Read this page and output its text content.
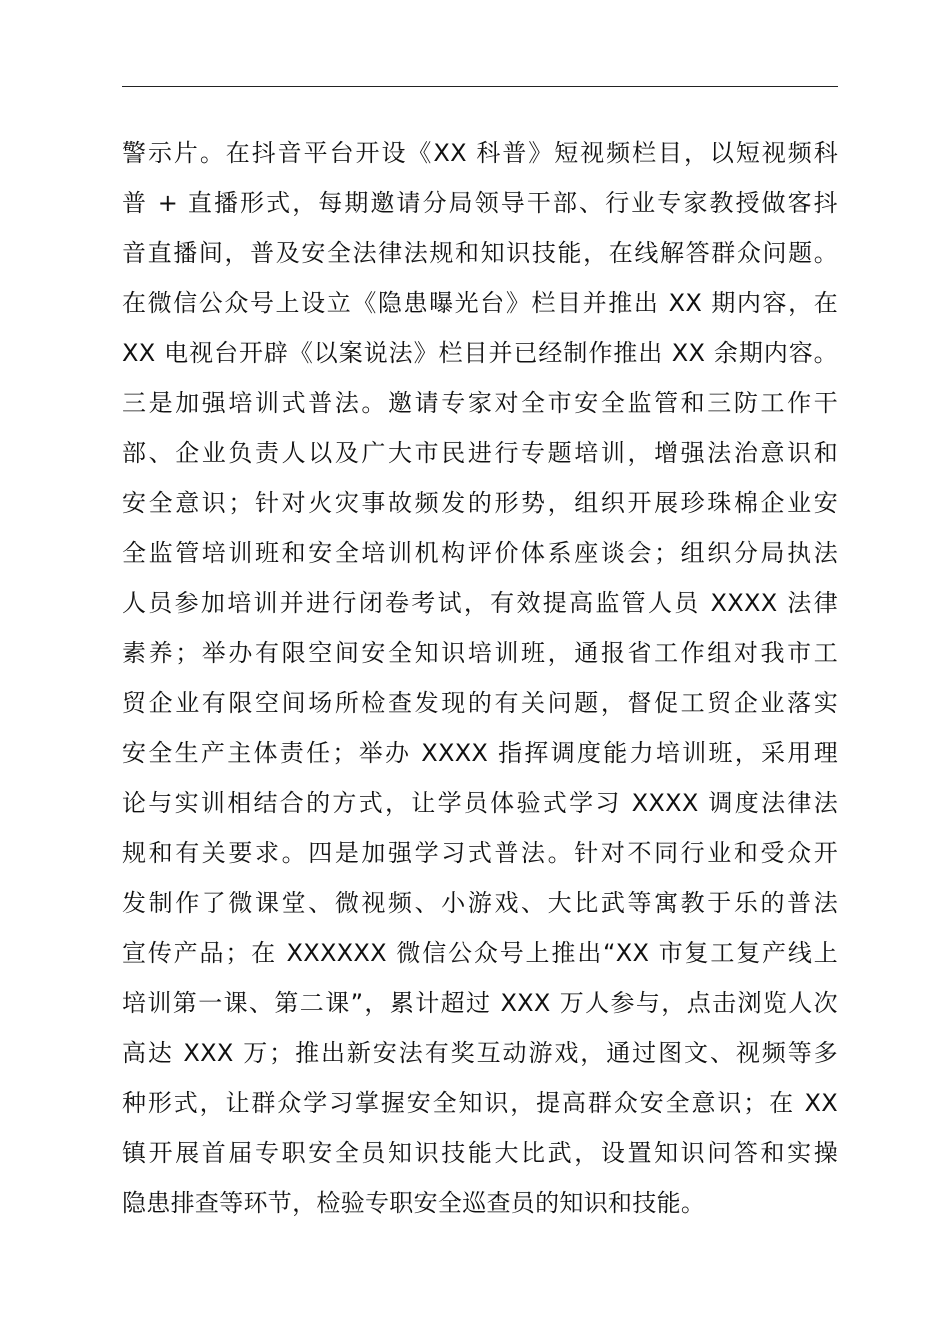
警示片。在抖音平台开设《XX 科普》短视频栏目，以短视频科
普 + 直播形式，每期邀请分局领导干部、行业专家教授做客抖
音直播间，普及安全法律法规和知识技能，在线解答群众问题。
在微信公众号上设立《隐患曝光台》栏目并推出 XX 期内容，在
XX 电视台开辟《以案说法》栏目并已经制作推出 XX 余期内容。
三是加强培训式普法。邀请专家对全市安全监管和三防工作干
部、企业负责人以及广大市民进行专题培训，增强法治意识和
安全意识；针对火灾事故频发的形势，组织开展珍珠棉企业安
全监管培训班和安全培训机构评价体系座谈会；组织分局执法
人员参加培训并进行闭卷考试，有效提高监管人员 XXXX 法律
素养；举办有限空间安全知识培训班，通报省工作组对我市工
贸企业有限空间场所检查发现的有关问题，督促工贸企业落实
安全生产主体责任；举办 XXXX 指挥调度能力培训班，采用理
论与实训相结合的方式，让学员体验式学习 XXXX 调度法律法
规和有关要求。四是加强学习式普法。针对不同行业和受众开
发制作了微课堂、微视频、小游戏、大比武等寓教于乐的普法
宣传产品；在 XXXXXX 微信公众号上推出“XX 市复工复产线上
培训第一课、第二课”，累计超过 XXX 万人参与，点击浏览人次
高达 XXX 万；推出新安法有奖互动游戏，通过图文、视频等多
种形式，让群众学习掌握安全知识，提高群众安全意识；在 XX
镇开展首届专职安全员知识技能大比武，设置知识问答和实操
隐患排查等环节，检验专职安全巡查员的知识和技能。
